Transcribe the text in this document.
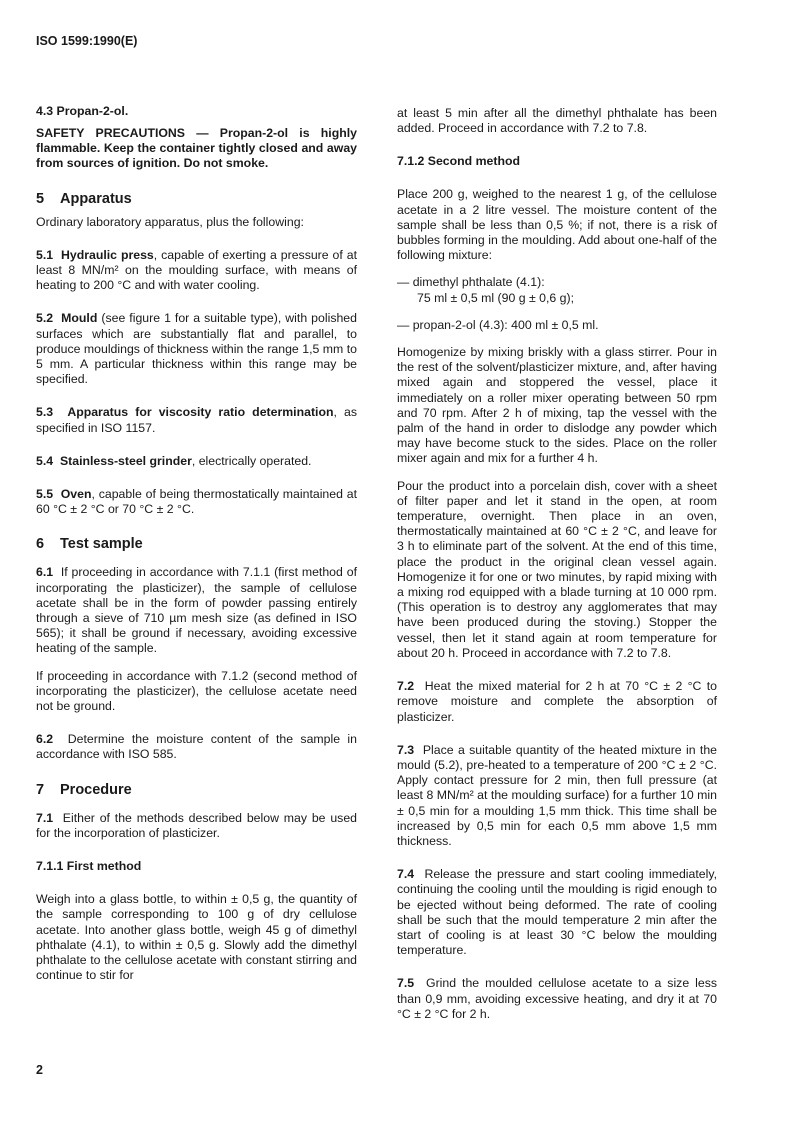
ISO 1599:1990(E)
4.3 Propan-2-ol.

SAFETY PRECAUTIONS — Propan-2-ol is highly flammable. Keep the container tightly closed and away from sources of ignition. Do not smoke.

5 Apparatus

Ordinary laboratory apparatus, plus the following:

5.1 Hydraulic press, capable of exerting a pressure of at least 8 MN/m² on the moulding surface, with means of heating to 200 °C and with water cooling.

5.2 Mould (see figure 1 for a suitable type), with polished surfaces which are substantially flat and parallel, to produce mouldings of thickness within the range 1,5 mm to 5 mm. A particular thickness within this range may be specified.

5.3 Apparatus for viscosity ratio determination, as specified in ISO 1157.

5.4 Stainless-steel grinder, electrically operated.

5.5 Oven, capable of being thermostatically maintained at 60 °C ± 2 °C or 70 °C ± 2 °C.

6 Test sample

6.1 If proceeding in accordance with 7.1.1 (first method of incorporating the plasticizer), the sample of cellulose acetate shall be in the form of powder passing entirely through a sieve of 710 µm mesh size (as defined in ISO 565); it shall be ground if necessary, avoiding excessive heating of the sample.

If proceeding in accordance with 7.1.2 (second method of incorporating the plasticizer), the cellulose acetate need not be ground.

6.2 Determine the moisture content of the sample in accordance with ISO 585.

7 Procedure

7.1 Either of the methods described below may be used for the incorporation of plasticizer.

7.1.1 First method

Weigh into a glass bottle, to within ± 0,5 g, the quantity of the sample corresponding to 100 g of dry cellulose acetate. Into another glass bottle, weigh 45 g of dimethyl phthalate (4.1), to within ± 0,5 g. Slowly add the dimethyl phthalate to the cellulose acetate with constant stirring and continue to stir for

at least 5 min after all the dimethyl phthalate has been added. Proceed in accordance with 7.2 to 7.8.

7.1.2 Second method

Place 200 g, weighed to the nearest 1 g, of the cellulose acetate in a 2 litre vessel. The moisture content of the sample shall be less than 0,5 %; if not, there is a risk of bubbles forming in the moulding. Add about one-half of the following mixture:

— dimethyl phthalate (4.1):

75 ml ± 0,5 ml (90 g ± 0,6 g);

— propan-2-ol (4.3): 400 ml ± 0,5 ml.

Homogenize by mixing briskly with a glass stirrer. Pour in the rest of the solvent/plasticizer mixture, and, after having mixed again and stoppered the vessel, place it immediately on a roller mixer operating between 50 rpm and 70 rpm. After 2 h of mixing, tap the vessel with the palm of the hand in order to dislodge any powder which may have become stuck to the sides. Place on the roller mixer again and mix for a further 4 h.

Pour the product into a porcelain dish, cover with a sheet of filter paper and let it stand in the open, at room temperature, overnight. Then place in an oven, thermostatically maintained at 60 °C ± 2 °C, and leave for 3 h to eliminate part of the solvent. At the end of this time, place the product in the original clean vessel again. Homogenize it for one or two minutes, by rapid mixing with a mixing rod equipped with a blade turning at 10 000 rpm. (This operation is to destroy any agglomerates that may have been produced during the stoving.) Stopper the vessel, then let it stand again at room temperature for about 20 h. Proceed in accordance with 7.2 to 7.8.

7.2 Heat the mixed material for 2 h at 70 °C ± 2 °C to remove moisture and complete the absorption of plasticizer.

7.3 Place a suitable quantity of the heated mixture in the mould (5.2), pre-heated to a temperature of 200 °C ± 2 °C. Apply contact pressure for 2 min, then full pressure (at least 8 MN/m² at the moulding surface) for a further 10 min ± 0,5 min for a moulding 1,5 mm thick. This time shall be increased by 0,5 min for each 0,5 mm above 1,5 mm thickness.

7.4 Release the pressure and start cooling immediately, continuing the cooling until the moulding is rigid enough to be ejected without being deformed. The rate of cooling shall be such that the mould temperature 2 min after the start of cooling is at least 30 °C below the moulding temperature.

7.5 Grind the moulded cellulose acetate to a size less than 0,9 mm, avoiding excessive heating, and dry it at 70 °C ± 2 °C for 2 h.

2
